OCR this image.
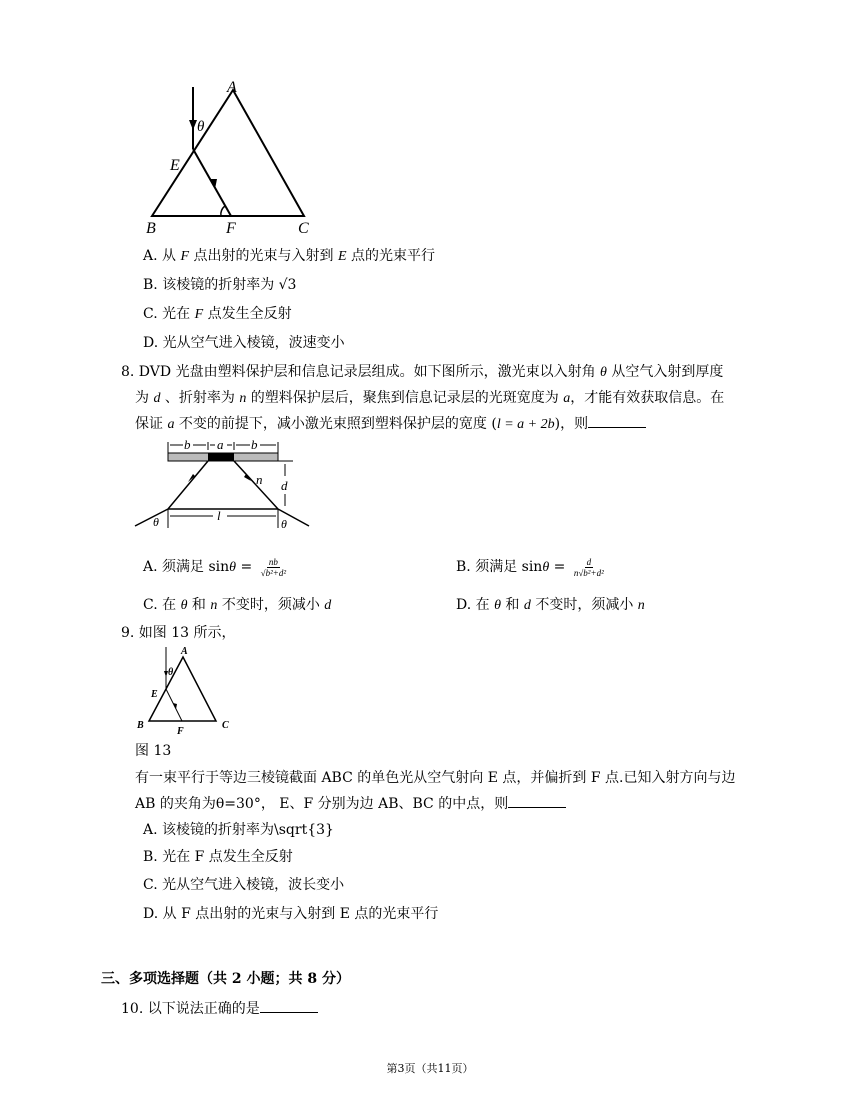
A
θ
E
B	F	C
A. 从 F 点出射的光束与入射到 E 点的光束平行
B. 该棱镜的折射率为 √3
C. 光在 F 点发生全反射
D. 光从空气进入棱镜，波速变小
8. DVD 光盘由塑料保护层和信息记录层组成。如下图所示，激光束以入射角 θ 从空气入射到厚度
为 d 、折射率为 n 的塑料保护层后，聚焦到信息记录层的光斑宽度为 a，才能有效获取信息。在
保证 a 不变的前提下，减小激光束照到塑料保护层的宽度 (l = a + 2b)，则
b a b
d
n
l
θ	θ
A. 须满足 $\sin\theta = \frac{nb}{\text{√b²+d²}}$	B. 须满足 $\sin\theta = \frac{d}{\text{n√b²+d²}}$
C. 在 θ 和 n 不变时，须减小 d	D. 在 θ 和 d 不变时，须减小 n
9. 如图 13 所示，
A
θ
E
B
F
C
图 13
有一束平行于等边三棱镜截面 ABC 的单色光从空气射向 E 点，并偏折到 F 点.已知入射方向与边
AB 的夹角为θ=30°， E、F 分别为边 AB、BC 的中点，则
A. 该棱镜的折射率为\sqrt{3}
B. 光在 F 点发生全反射
C. 光从空气进入棱镜，波长变小
D. 从 F 点出射的光束与入射到 E 点的光束平行
三、多项选择题（共 2 小题；共 8 分）
10. 以下说法正确的是
第3页（共11页）
